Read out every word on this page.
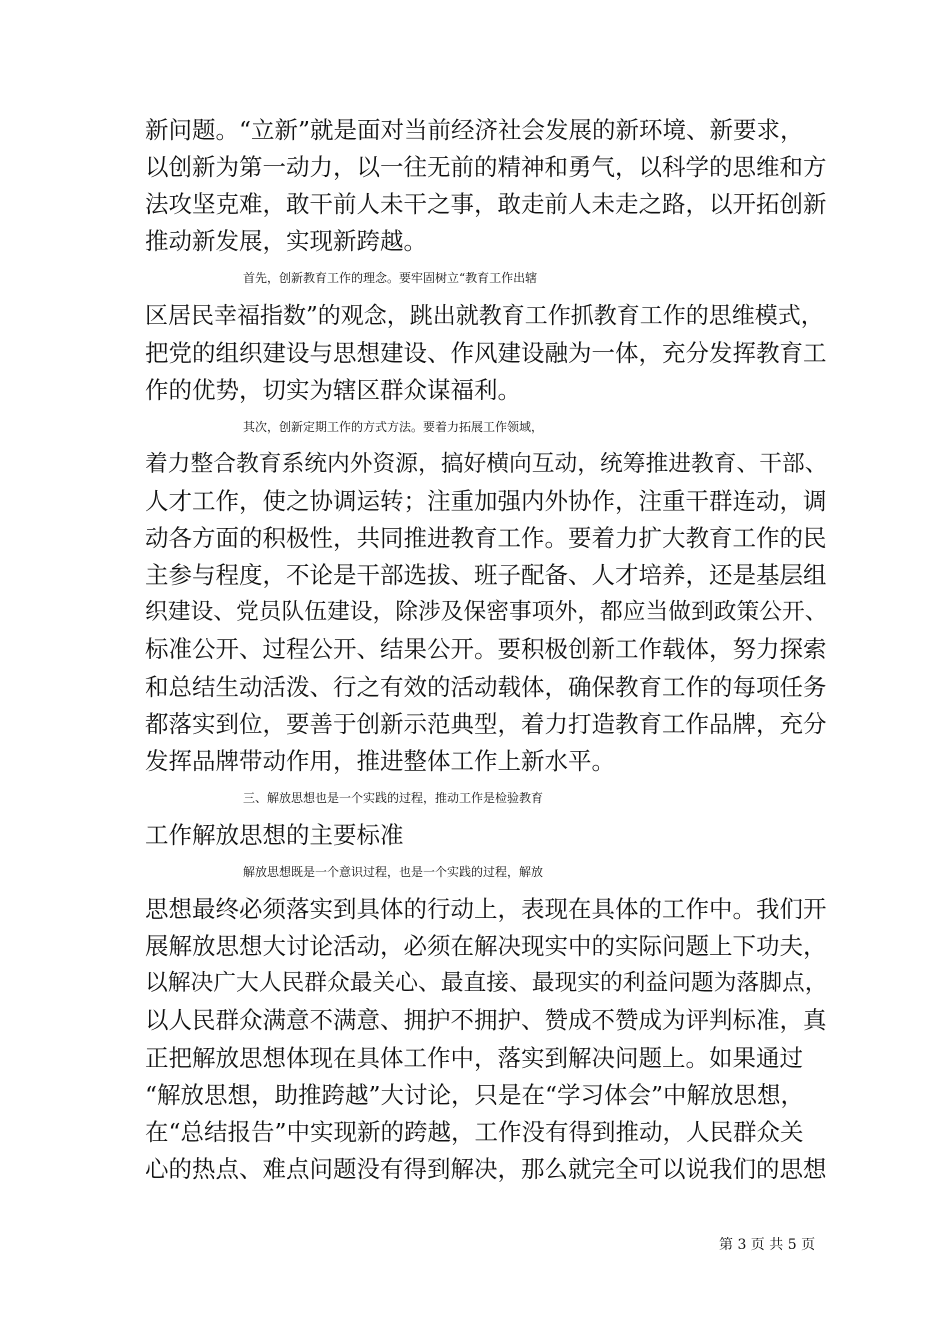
新问题。“立新”就是面对当前经济社会发展的新环境、新要求，
以创新为第一动力，以一往无前的精神和勇气，以科学的思维和方
法攻坚克难，敢干前人未干之事，敢走前人未走之路，以开拓创新
推动新发展，实现新跨越。
首先，创新教育工作的理念。要牢固树立“教育工作出辖
区居民幸福指数”的观念，跳出就教育工作抓教育工作的思维模式，
把党的组织建设与思想建设、作风建设融为一体，充分发挥教育工
作的优势，切实为辖区群众谋福利。
其次，创新定期工作的方式方法。要着力拓展工作领域，
着力整合教育系统内外资源，搞好横向互动，统筹推进教育、干部、
人才工作，使之协调运转；注重加强内外协作，注重干群连动，调
动各方面的积极性，共同推进教育工作。要着力扩大教育工作的民
主参与程度，不论是干部选拔、班子配备、人才培养，还是基层组
织建设、党员队伍建设，除涉及保密事项外，都应当做到政策公开、
标准公开、过程公开、结果公开。要积极创新工作载体，努力探索
和总结生动活泼、行之有效的活动载体，确保教育工作的每项任务
都落实到位，要善于创新示范典型，着力打造教育工作品牌，充分
发挥品牌带动作用，推进整体工作上新水平。
三、解放思想也是一个实践的过程，推动工作是检验教育
工作解放思想的主要标准
解放思想既是一个意识过程，也是一个实践的过程，解放
思想最终必须落实到具体的行动上，表现在具体的工作中。我们开
展解放思想大讨论活动，必须在解决现实中的实际问题上下功夫，
以解决广大人民群众最关心、最直接、最现实的利益问题为落脚点，
以人民群众满意不满意、拥护不拥护、赞成不赞成为评判标准，真
正把解放思想体现在具体工作中，落实到解决问题上。如果通过
“解放思想，助推跨越”大讨论，只是在“学习体会”中解放思想，
在“总结报告”中实现新的跨越，工作没有得到推动，人民群众关
心的热点、难点问题没有得到解决，那么就完全可以说我们的思想
第 3 页 共 5 页
